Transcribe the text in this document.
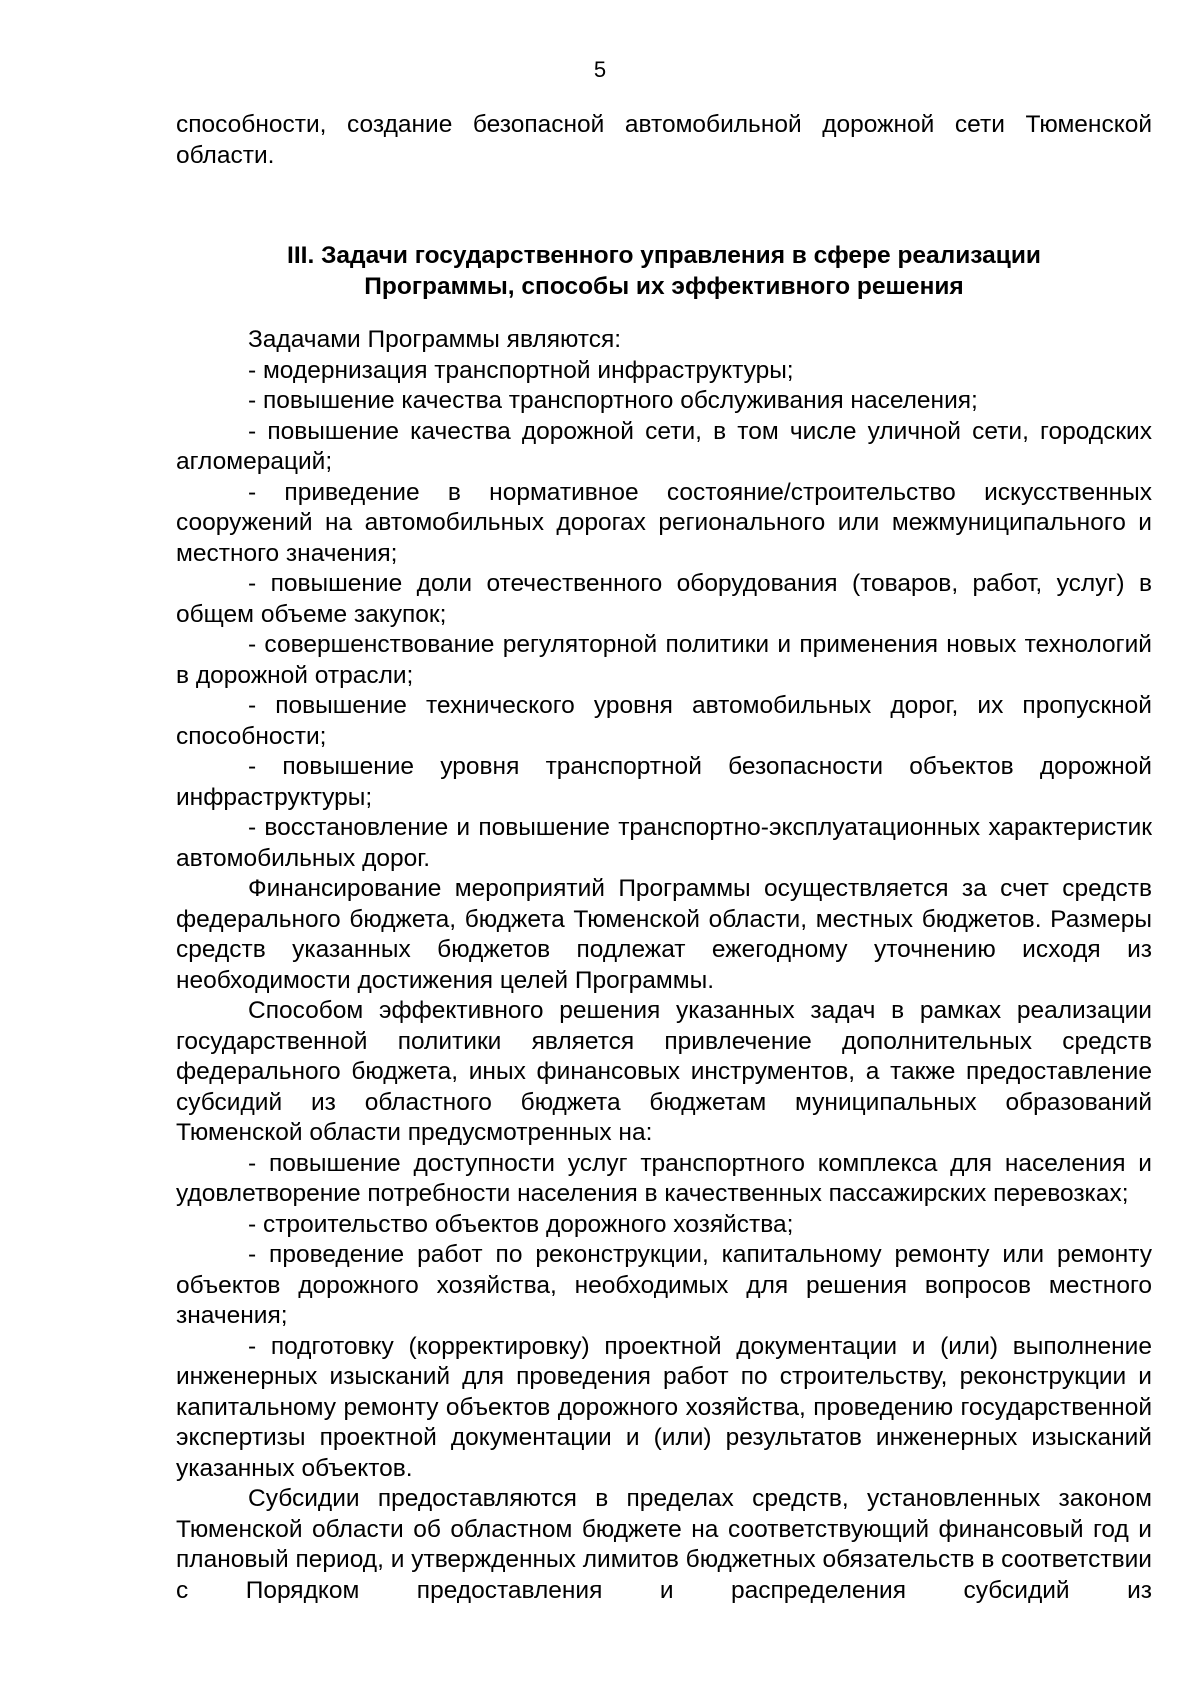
5

способности, создание безопасной автомобильной дорожной сети Тюменской области.

III. Задачи государственного управления в сфере реализации
Программы, способы их эффективного решения

Задачами Программы являются:

- модернизация транспортной инфраструктуры;

- повышение качества транспортного обслуживания населения;

- повышение качества дорожной сети, в том числе уличной сети, городских агломераций;

- приведение в нормативное состояние/строительство искусственных сооружений на автомобильных дорогах регионального или межмуниципального и местного значения;

- повышение доли отечественного оборудования (товаров, работ, услуг) в общем объеме закупок;

- совершенствование регуляторной политики и применения новых технологий в дорожной отрасли;

- повышение технического уровня автомобильных дорог, их пропускной способности;

- повышение уровня транспортной безопасности объектов дорожной инфраструктуры;

- восстановление и повышение транспортно-эксплуатационных характеристик автомобильных дорог.

Финансирование мероприятий Программы осуществляется за счет средств федерального бюджета, бюджета Тюменской области, местных бюджетов. Размеры средств указанных бюджетов подлежат ежегодному уточнению исходя из необходимости достижения целей Программы.

Способом эффективного решения указанных задач в рамках реализации государственной политики является привлечение дополнительных средств федерального бюджета, иных финансовых инструментов, а также предоставление субсидий из областного бюджета бюджетам муниципальных образований Тюменской области предусмотренных на:

- повышение доступности услуг транспортного комплекса для населения и удовлетворение потребности населения в качественных пассажирских перевозках;

- строительство объектов дорожного хозяйства;

- проведение работ по реконструкции, капитальному ремонту или ремонту объектов дорожного хозяйства, необходимых для решения вопросов местного значения;

- подготовку (корректировку) проектной документации и (или) выполнение инженерных изысканий для проведения работ по строительству, реконструкции и капитальному ремонту объектов дорожного хозяйства, проведению государственной экспертизы проектной документации и (или) результатов инженерных изысканий указанных объектов.

Субсидии предоставляются в пределах средств, установленных законом Тюменской области об областном бюджете на соответствующий финансовый год и плановый период, и утвержденных лимитов бюджетных обязательств в соответствии с Порядком предоставления и распределения субсидий из
